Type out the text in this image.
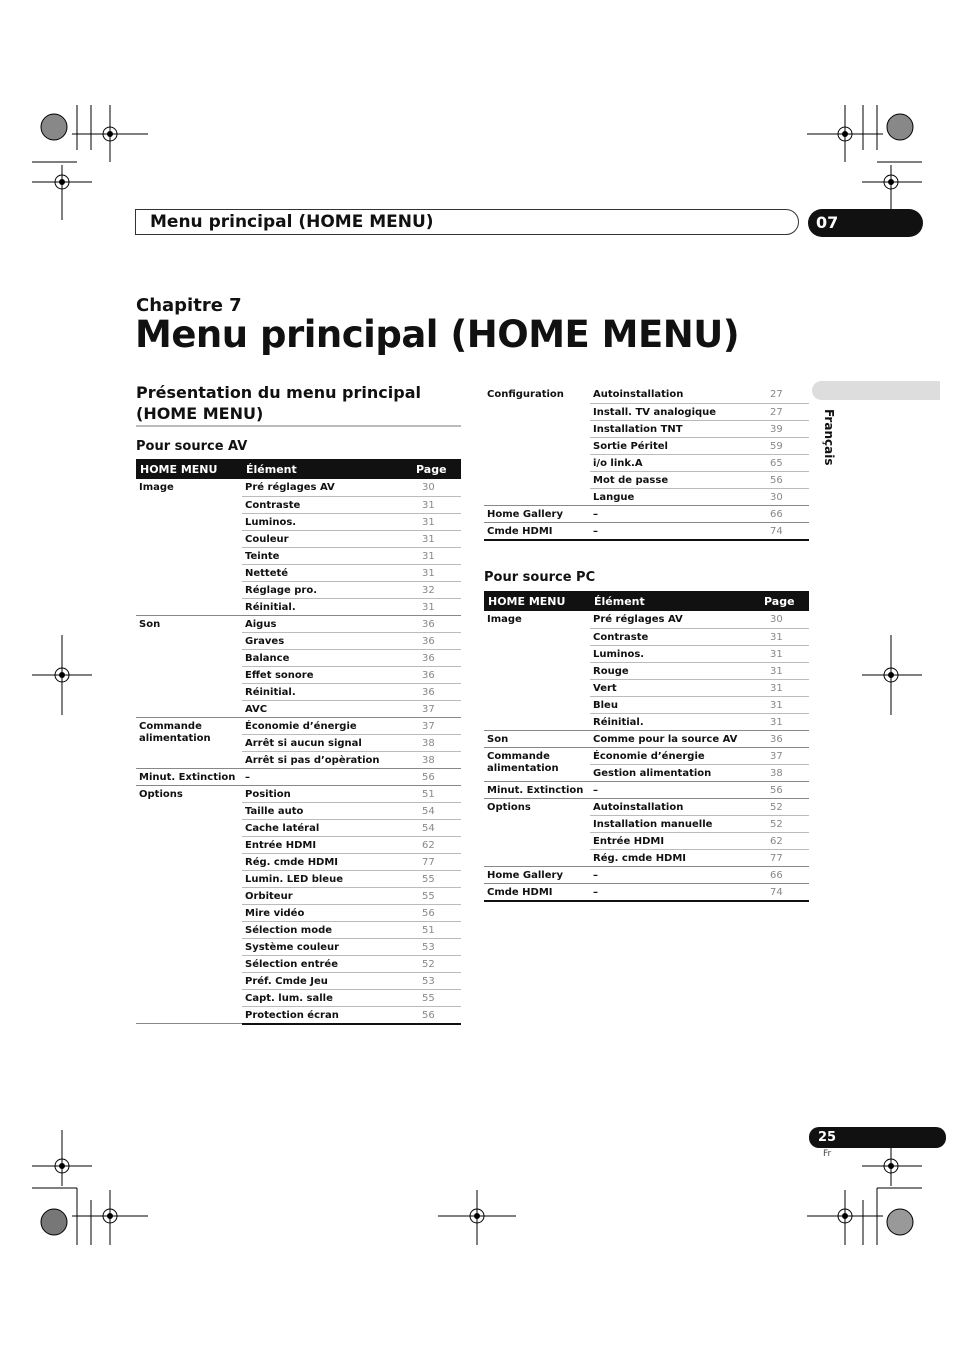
Menu principal (HOME MENU)	07
Chapitre 7
Menu principal (HOME MENU)
Présentation du menu principal (HOME MENU)
Pour source AV
HOME MENU	Élément	Page
Image	Pré réglages AV	30
	Contraste	31
	Luminos.	31
	Couleur	31
	Teinte	31
	Netteté	31
	Réglage pro.	32
	Réinitial.	31
Son	Aigus	36
	Graves	36
	Balance	36
	Effet sonore	36
	Réinitial.	36
	AVC	37
Commande alimentation	Économie d’énergie	37
	Arrêt si aucun signal	38
	Arrêt si pas d’opèration	38
Minut. Extinction	–	56
Options	Position	51
	Taille auto	54
	Cache latéral	54
	Entrée HDMI	62
	Rég. cmde HDMI	77
	Lumin. LED bleue	55
	Orbiteur	55
	Mire vidéo	56
	Sélection mode	51
	Système couleur	53
	Sélection entrée	52
	Préf. Cmde Jeu	53
	Capt. lum. salle	55
	Protection écran	56
Configuration	Autoinstallation	27
	Install. TV analogique	27
	Installation TNT	39
	Sortie Péritel	59
	i/o link.A	65
	Mot de passe	56
	Langue	30
Home Gallery	–	66
Cmde HDMI	–	74
Pour source PC
HOME MENU	Élément	Page
Image	Pré réglages AV	30
	Contraste	31
	Luminos.	31
	Rouge	31
	Vert	31
	Bleu	31
	Réinitial.	31
Son	Comme pour la source AV	36
Commande alimentation	Économie d’énergie	37
	Gestion alimentation	38
Minut. Extinction	–	56
Options	Autoinstallation	52
	Installation manuelle	52
	Entrée HDMI	62
	Rég. cmde HDMI	77
Home Gallery	–	66
Cmde HDMI	–	74
Français
25
Fr
